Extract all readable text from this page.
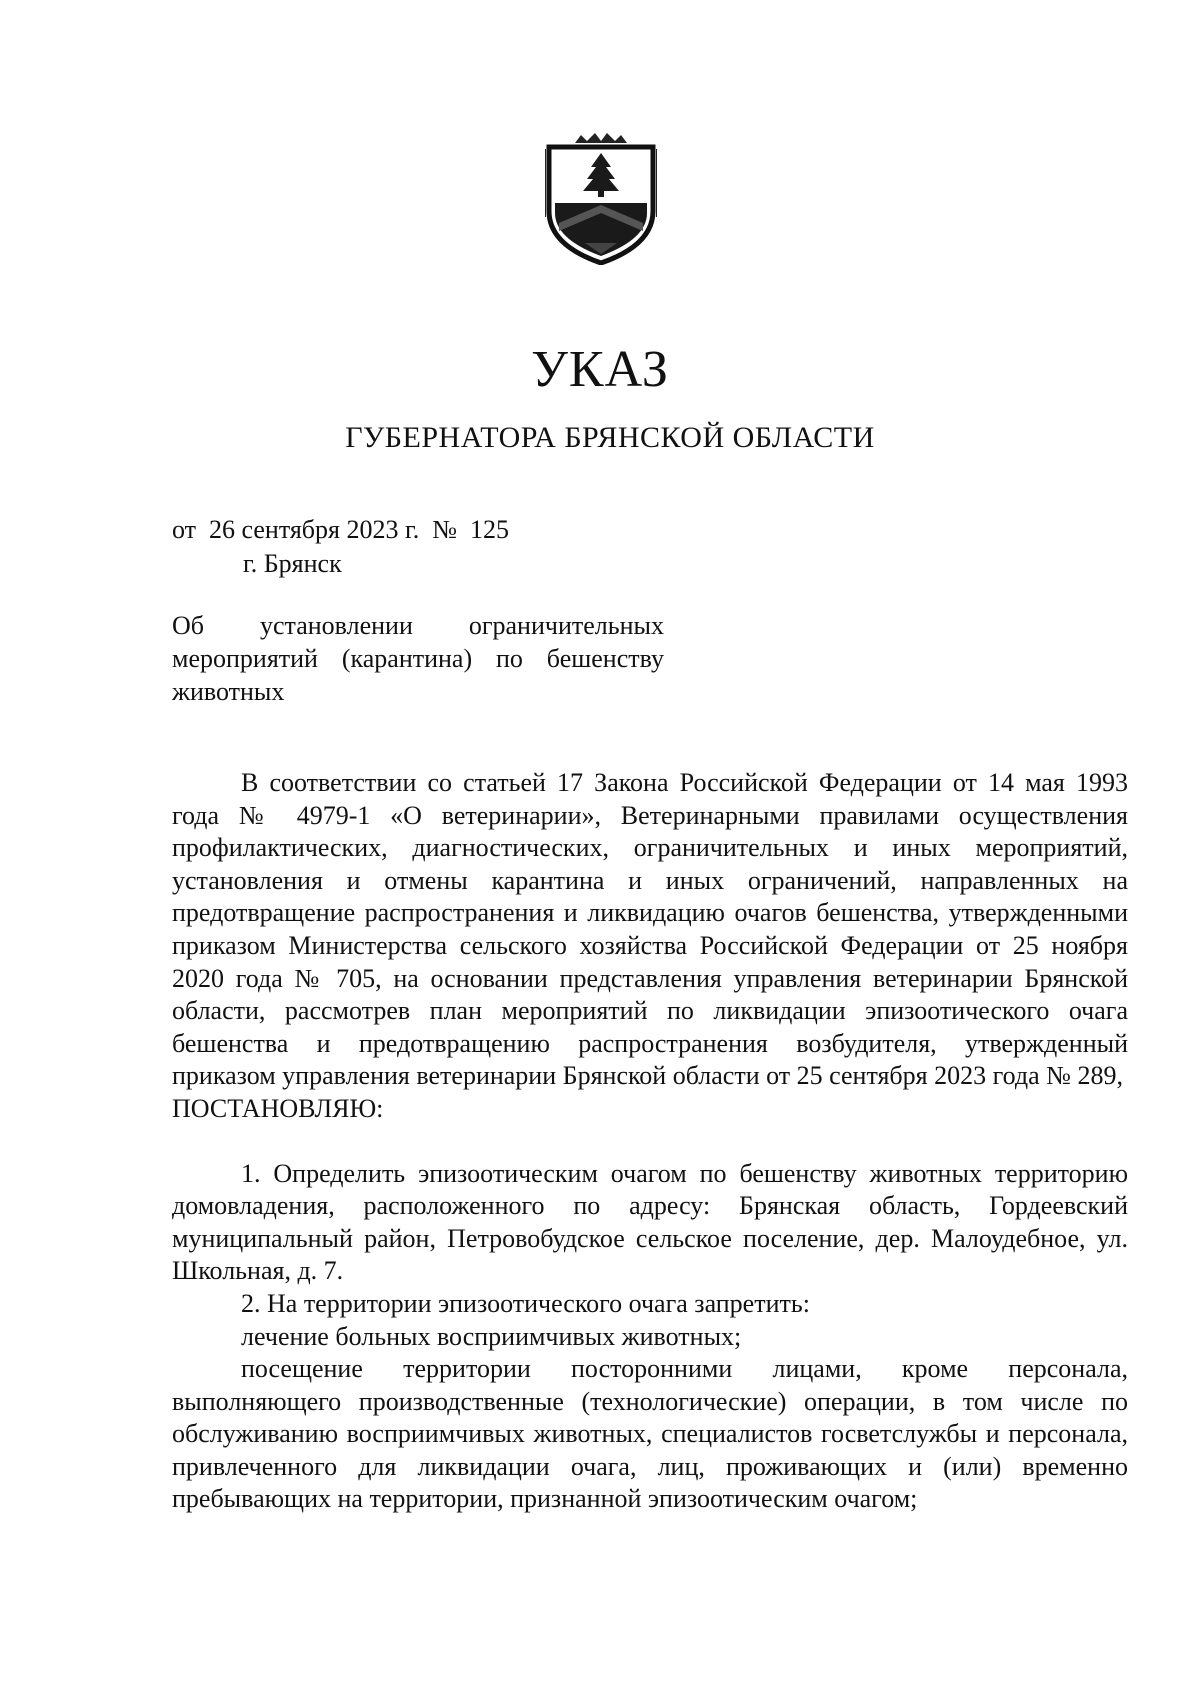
УКАЗ
ГУБЕРНАТОРА БРЯНСКОЙ ОБЛАСТИ
от  26 сентября 2023 г.  №  125
г. Брянск
Об установлении ограничительных
мероприятий (карантина) по бешенству
животных

В соответствии со статьей 17 Закона Российской Федерации от 14 мая 1993 года № 4979-1 «О ветеринарии», Ветеринарными правилами осуществления профилактических, диагностических, ограничительных и иных мероприятий, установления и отмены карантина и иных ограничений, направленных на предотвращение распространения и ликвидацию очагов бешенства, утвержденными приказом Министерства сельского хозяйства Российской Федерации от 25 ноября 2020 года № 705, на основании представления управления ветеринарии Брянской области, рассмотрев план мероприятий по ликвидации эпизоотического очага бешенства и предотвращению распространения возбудителя, утвержденный приказом управления ветеринарии Брянской области от 25 сентября 2023 года № 289,

ПОСТАНОВЛЯЮ:

1. Определить эпизоотическим очагом по бешенству животных территорию домовладения, расположенного по адресу: Брянская область, Гордеевский муниципальный район, Петровобудское сельское поселение, дер. Малоудебное, ул. Школьная, д. 7.

2. На территории эпизоотического очага запретить:

лечение больных восприимчивых животных;

посещение территории посторонними лицами, кроме персонала, выполняющего производственные (технологические) операции, в том числе по обслуживанию восприимчивых животных, специалистов госветслужбы и персонала, привлеченного для ликвидации очага, лиц, проживающих и (или) временно пребывающих на территории, признанной эпизоотическим очагом;
